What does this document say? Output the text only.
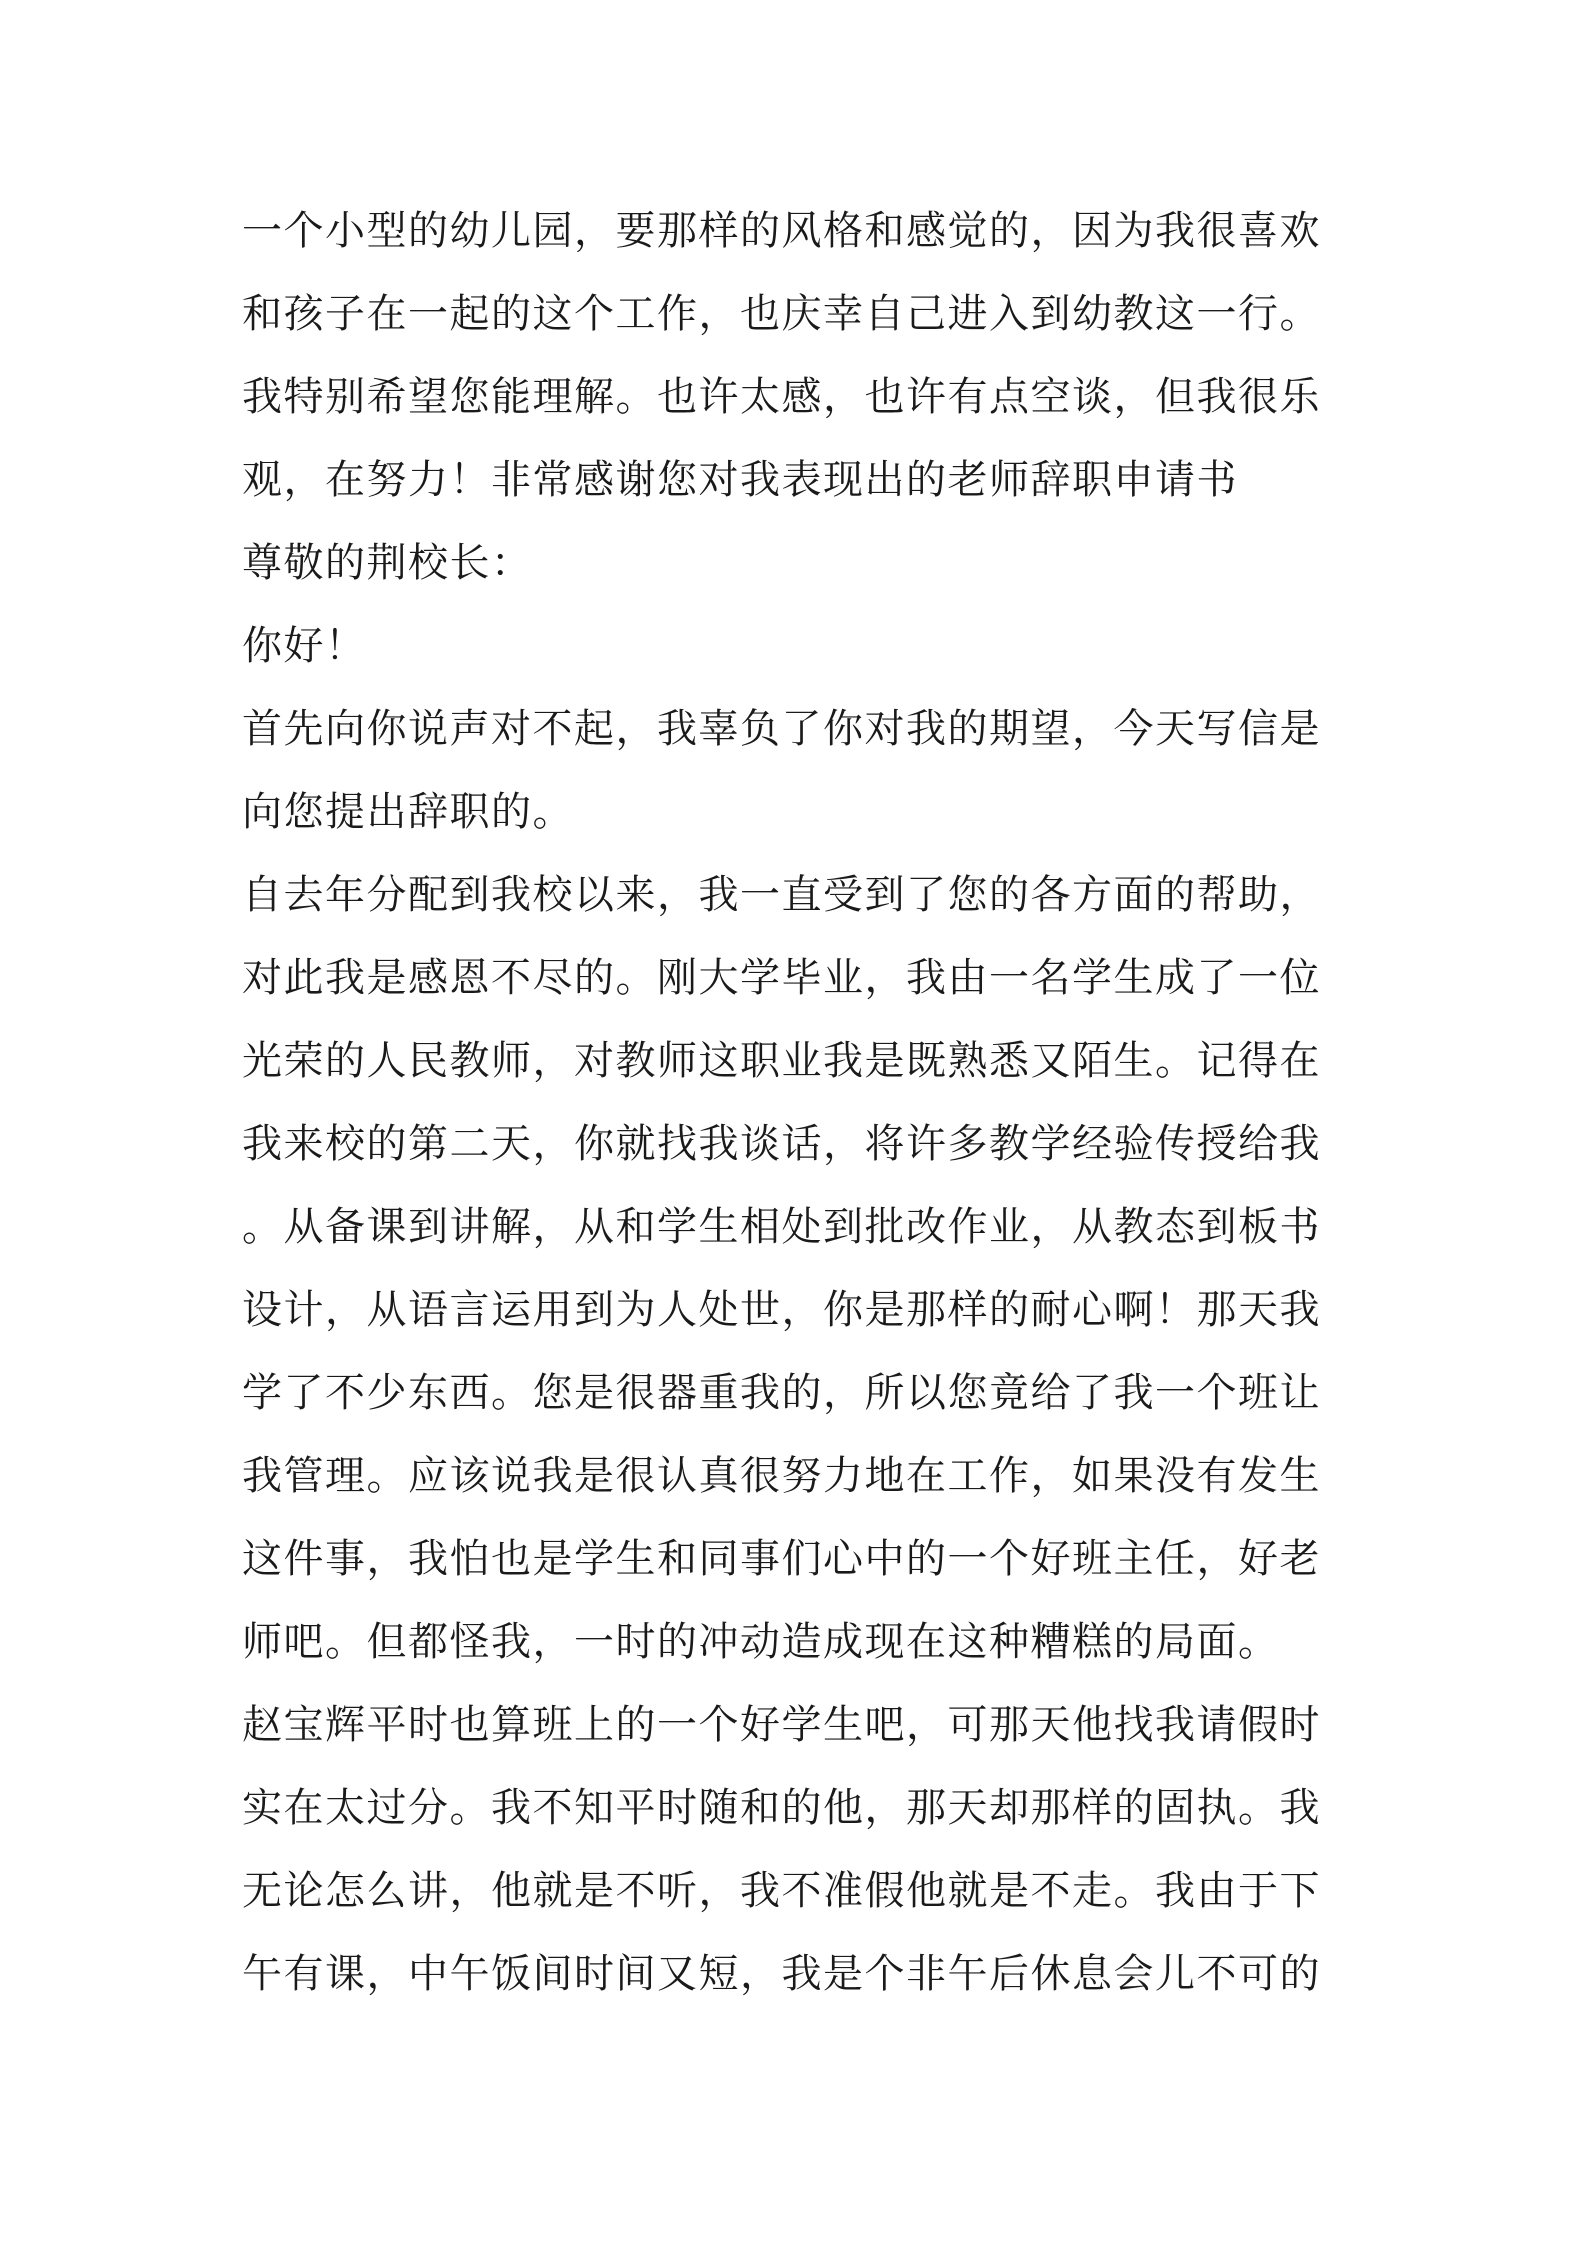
一个小型的幼儿园，要那样的风格和感觉的，因为我很喜欢
和孩子在一起的这个工作，也庆幸自己进入到幼教这一行。
我特别希望您能理解。也许太感，也许有点空谈，但我很乐
观，在努力！非常感谢您对我表现出的老师辞职申请书
尊敬的荆校长：
你好！
首先向你说声对不起，我辜负了你对我的期望，今天写信是
向您提出辞职的。
自去年分配到我校以来，我一直受到了您的各方面的帮助，
对此我是感恩不尽的。刚大学毕业，我由一名学生成了一位
光荣的人民教师，对教师这职业我是既熟悉又陌生。记得在
我来校的第二天，你就找我谈话，将许多教学经验传授给我
。从备课到讲解，从和学生相处到批改作业，从教态到板书
设计，从语言运用到为人处世，你是那样的耐心啊！那天我
学了不少东西。您是很器重我的，所以您竟给了我一个班让
我管理。应该说我是很认真很努力地在工作，如果没有发生
这件事，我怕也是学生和同事们心中的一个好班主任，好老
师吧。但都怪我，一时的冲动造成现在这种糟糕的局面。
赵宝辉平时也算班上的一个好学生吧，可那天他找我请假时
实在太过分。我不知平时随和的他，那天却那样的固执。我
无论怎么讲，他就是不听，我不准假他就是不走。我由于下
午有课，中午饭间时间又短，我是个非午后休息会儿不可的
